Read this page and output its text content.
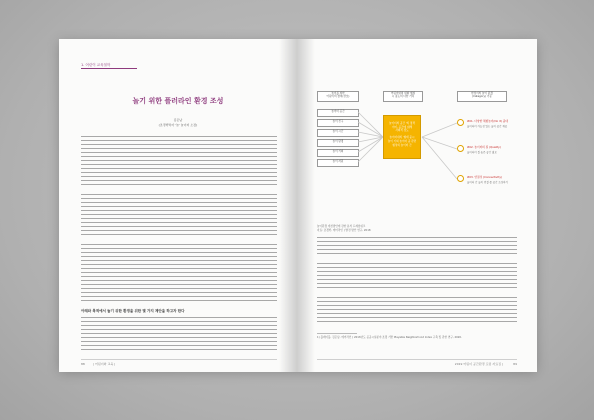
1. 어린이 교육철학
놀기 위한 플러라인 환경 조성
김은남
(조경학박사 '놀' 놀이터 소장)
아래와 목적에서 놀기 위한 환경을 위한 몇 가지 제안을 하고자 한다
88	| 어린이와 교육 |
놀이를 위한
어린이의 참여(상호)
어린이와의 대화 행위
시 통도의 다한 가치
한정서의 놀이 환경
(Category) 기준
놀이터 공간
놀이 친구
놀이 시간
놀이 환경
놀이 기회
놀이 자원
놀이터의 공간 '의 정책
이미, 공간에 대해
사회적 정도

놀이터내의 '형태 중시
놀이 기회 놀이터 중 관련
형성의 놀이터 간
#01. 다양한 체험놀이(Do it) 중대
놀이터의 가능성 있는 놀이 공간 제공
#02. 놀이터의 질 (Quality)
놀이터의 질 높은 공간 필요
#03. 연결성 (Connectivity)
놀이터 간 놀이 연결 중 공간 조성하기
놀이환경 개선방안에 관한 분석 프레임워크
자료: 조경학, 에어라인 ) 발전 방안 연구, 2018
1) 플레이블, 김은남, 에어라인 ) 2018년도 공공시설분야 조경 기반 Playable Neighborhood Index 구축 및 관한 연구, 2020.
2019 어린이 공간환경 포럼 자료집 |	89
